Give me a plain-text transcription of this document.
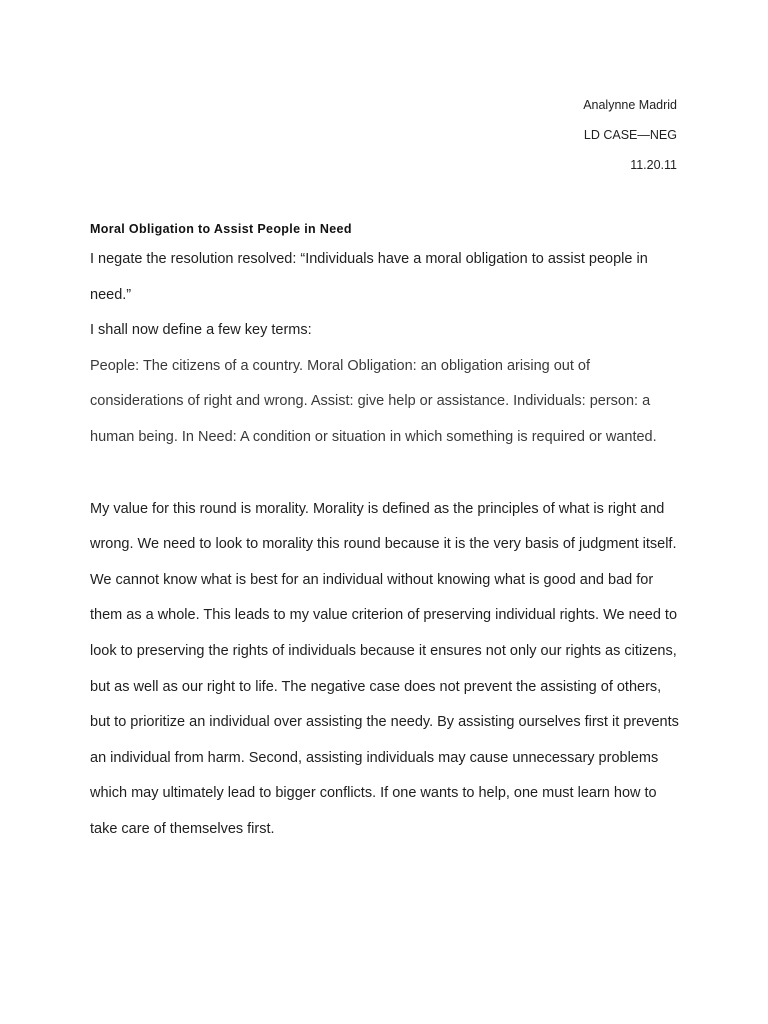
Analynne Madrid
LD CASE—NEG
11.20.11

Moral Obligation to Assist People in Need

I negate the resolution resolved: “Individuals have a moral obligation to assist people in need.”

I shall now define a few key terms:

People: The citizens of a country. Moral Obligation: an obligation arising out of considerations of right and wrong. Assist: give help or assistance. Individuals: person: a human being. In Need: A condition or situation in which something is required or wanted.

My value for this round is morality. Morality is defined as the principles of what is right and wrong. We need to look to morality this round because it is the very basis of judgment itself. We cannot know what is best for an individual without knowing what is good and bad for them as a whole. This leads to my value criterion of preserving individual rights. We need to look to preserving the rights of individuals because it ensures not only our rights as citizens, but as well as our right to life. The negative case does not prevent the assisting of others, but to prioritize an individual over assisting the needy. By assisting ourselves first it prevents an individual from harm. Second, assisting individuals may cause unnecessary problems which may ultimately lead to bigger conflicts. If one wants to help, one must learn how to take care of themselves first.
